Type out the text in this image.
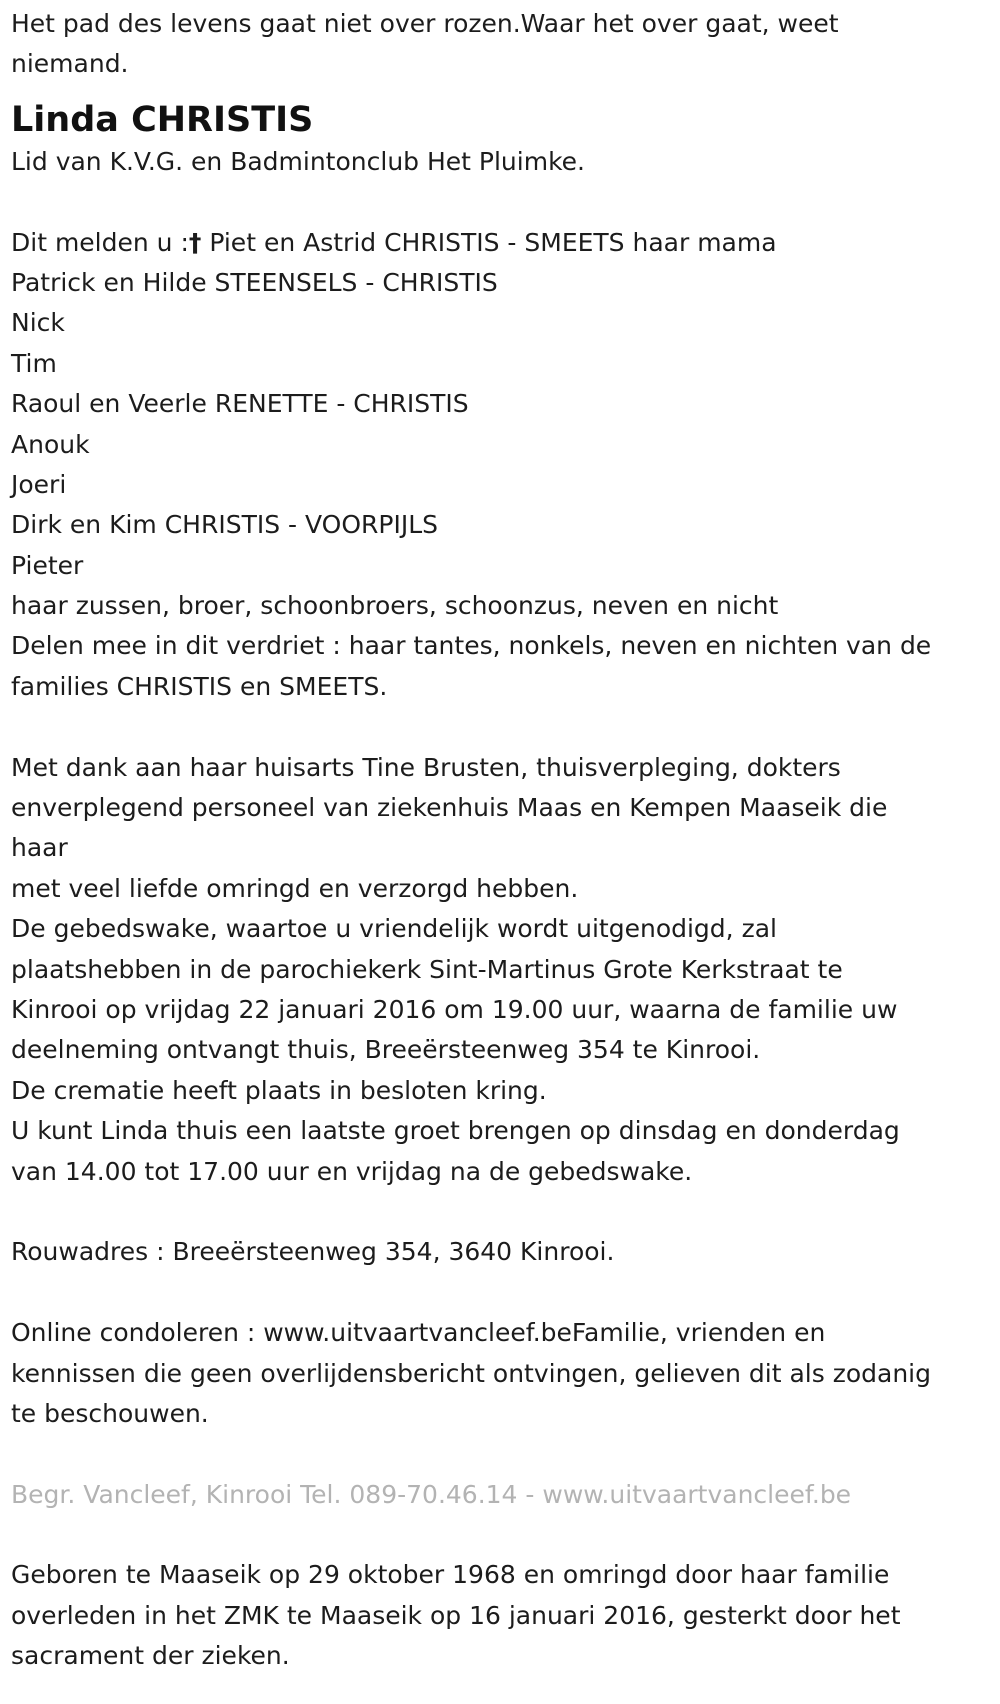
Het pad des levens gaat niet over rozen.Waar het over gaat, weet

niemand.

Linda CHRISTIS

Lid van K.V.G. en Badmintonclub Het Pluimke.

Dit melden u :† Piet en Astrid CHRISTIS - SMEETS haar mama

Patrick en Hilde STEENSELS - CHRISTIS

Nick

Tim

Raoul en Veerle RENETTE - CHRISTIS

Anouk

Joeri

Dirk en Kim CHRISTIS - VOORPIJLS

Pieter

haar zussen, broer, schoonbroers, schoonzus, neven en nicht

Delen mee in dit verdriet : haar tantes, nonkels, neven en nichten van de

families CHRISTIS en SMEETS.

Met dank aan haar huisarts Tine Brusten, thuisverpleging, dokters

enverplegend personeel van ziekenhuis Maas en Kempen Maaseik die

haar

met veel liefde omringd en verzorgd hebben.

De gebedswake, waartoe u vriendelijk wordt uitgenodigd, zal

plaatshebben in de parochiekerk Sint-Martinus Grote Kerkstraat te

Kinrooi op vrijdag 22 januari 2016 om 19.00 uur, waarna de familie uw

deelneming ontvangt thuis, Breeërsteenweg 354 te Kinrooi.

De crematie heeft plaats in besloten kring.

U kunt Linda thuis een laatste groet brengen op dinsdag en donderdag

van 14.00 tot 17.00 uur en vrijdag na de gebedswake.

Rouwadres : Breeërsteenweg 354, 3640 Kinrooi.

Online condoleren : www.uitvaartvancleef.beFamilie, vrienden en

kennissen die geen overlijdensbericht ontvingen, gelieven dit als zodanig

te beschouwen.

Begr. Vancleef, Kinrooi Tel. 089-70.46.14 - www.uitvaartvancleef.be

Geboren te Maaseik op 29 oktober 1968 en omringd door haar familie

overleden in het ZMK te Maaseik op 16 januari 2016, gesterkt door het

sacrament der zieken.
